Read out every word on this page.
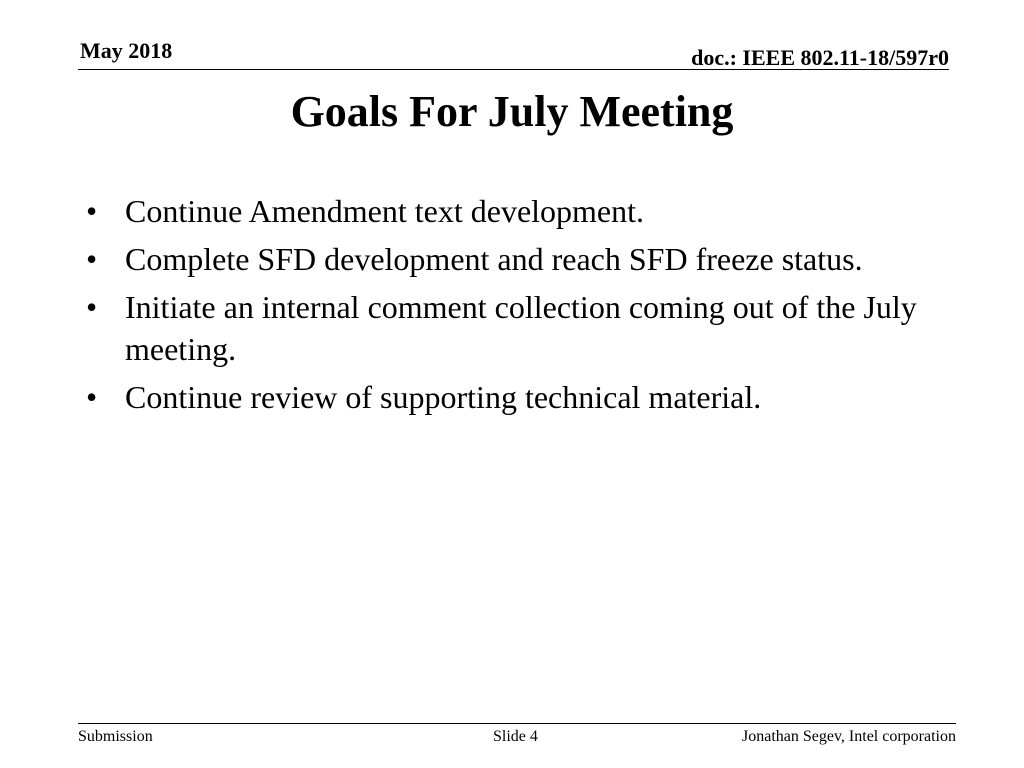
May 2018	doc.: IEEE 802.11-18/597r0
Goals For July Meeting
• Continue Amendment text development.
• Complete SFD development and reach SFD freeze status.
• Initiate an internal comment collection coming out of the July meeting.
• Continue review of supporting technical material.
Submission	Slide 4	Jonathan Segev, Intel corporation
